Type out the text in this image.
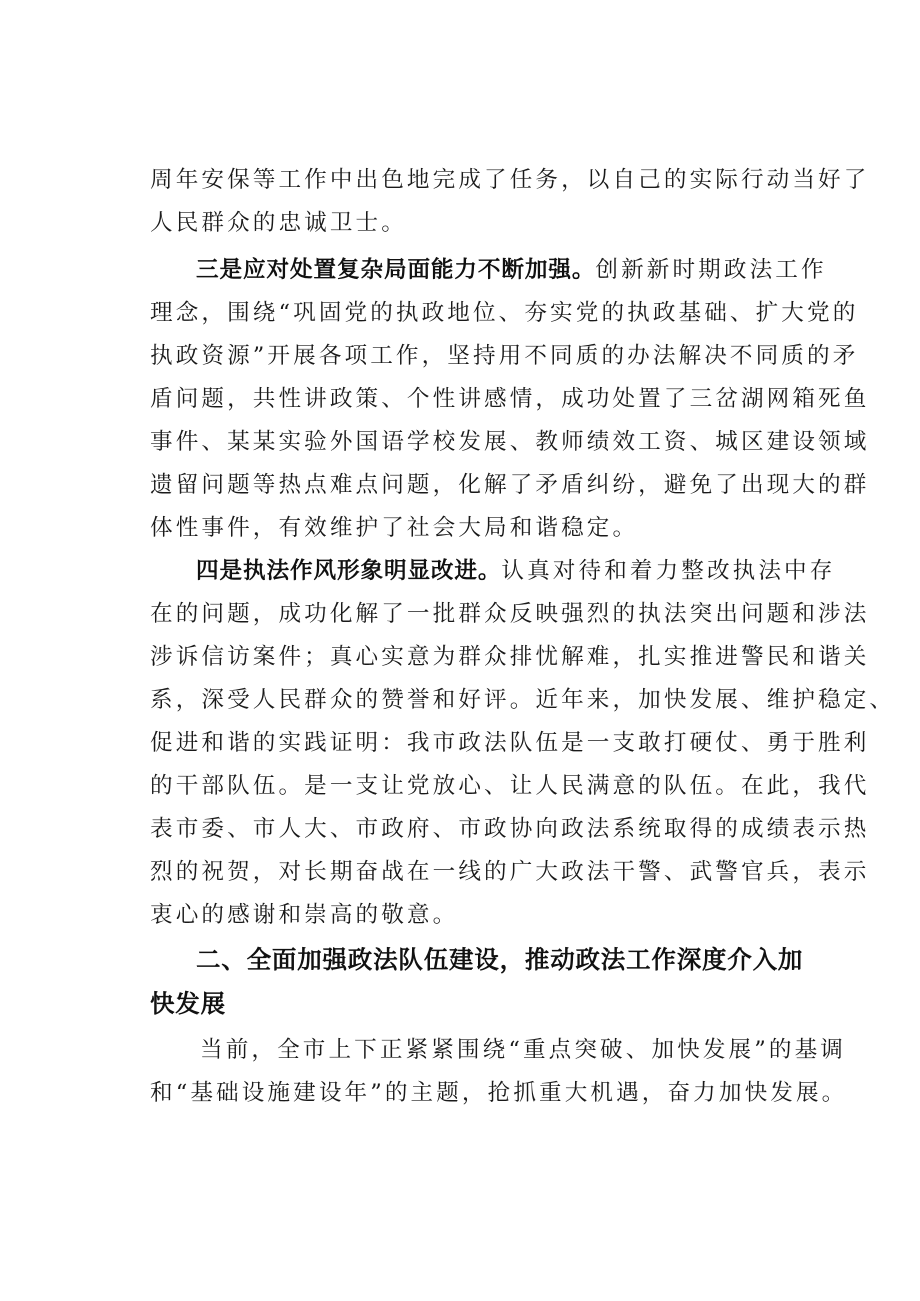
周年安保等工作中出色地完成了任务，以自己的实际行动当好了
人民群众的忠诚卫士。
三是应对处置复杂局面能力不断加强。创新新时期政法工作
理念，围绕“巩固党的执政地位、夯实党的执政基础、扩大党的
执政资源”开展各项工作，坚持用不同质的办法解决不同质的矛
盾问题，共性讲政策、个性讲感情，成功处置了三岔湖网箱死鱼
事件、某某实验外国语学校发展、教师绩效工资、城区建设领域
遗留问题等热点难点问题，化解了矛盾纠纷，避免了出现大的群
体性事件，有效维护了社会大局和谐稳定。
四是执法作风形象明显改进。认真对待和着力整改执法中存
在的问题，成功化解了一批群众反映强烈的执法突出问题和涉法
涉诉信访案件；真心实意为群众排忧解难，扎实推进警民和谐关
系，深受人民群众的赞誉和好评。近年来，加快发展、维护稳定、
促进和谐的实践证明：我市政法队伍是一支敢打硬仗、勇于胜利
的干部队伍。是一支让党放心、让人民满意的队伍。在此，我代
表市委、市人大、市政府、市政协向政法系统取得的成绩表示热
烈的祝贺，对长期奋战在一线的广大政法干警、武警官兵，表示
衷心的感谢和崇高的敬意。
二、全面加强政法队伍建设，推动政法工作深度介入加
快发展
当前，全市上下正紧紧围绕“重点突破、加快发展”的基调
和“基础设施建设年”的主题，抢抓重大机遇，奋力加快发展。
